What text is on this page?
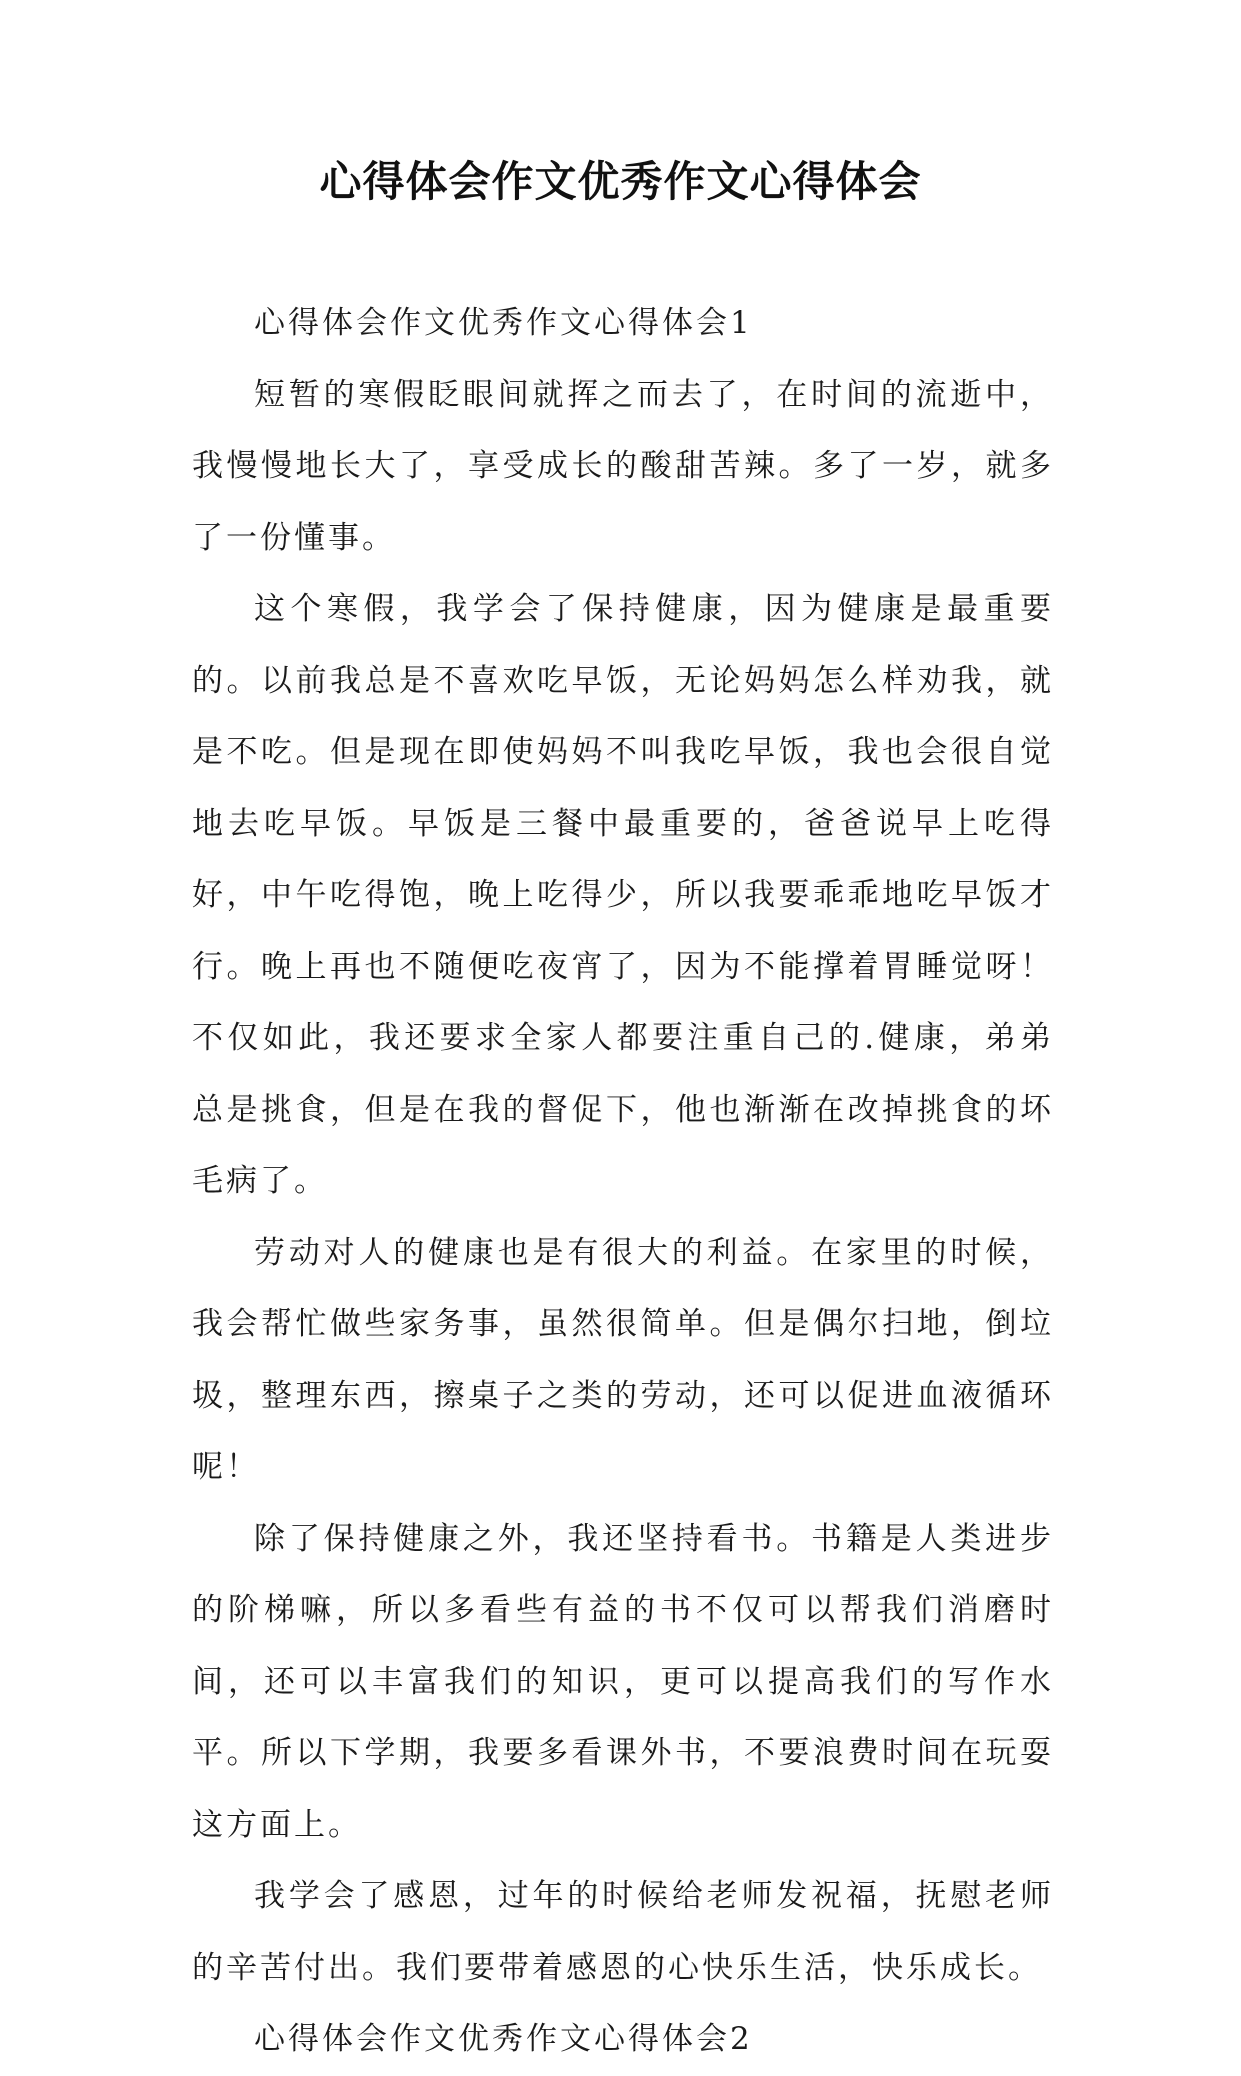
心得体会作文优秀作文心得体会

心得体会作文优秀作文心得体会1

短暂的寒假眨眼间就挥之而去了，在时间的流逝中，我慢慢地长大了，享受成长的酸甜苦辣。多了一岁，就多了一份懂事。

这个寒假，我学会了保持健康，因为健康是最重要的。以前我总是不喜欢吃早饭，无论妈妈怎么样劝我，就是不吃。但是现在即使妈妈不叫我吃早饭，我也会很自觉地去吃早饭。早饭是三餐中最重要的，爸爸说早上吃得好，中午吃得饱，晚上吃得少，所以我要乖乖地吃早饭才行。晚上再也不随便吃夜宵了，因为不能撑着胃睡觉呀！不仅如此，我还要求全家人都要注重自己的.健康，弟弟总是挑食，但是在我的督促下，他也渐渐在改掉挑食的坏毛病了。

劳动对人的健康也是有很大的利益。在家里的时候，我会帮忙做些家务事，虽然很简单。但是偶尔扫地，倒垃圾，整理东西，擦桌子之类的劳动，还可以促进血液循环呢！

除了保持健康之外，我还坚持看书。书籍是人类进步的阶梯嘛，所以多看些有益的书不仅可以帮我们消磨时间，还可以丰富我们的知识，更可以提高我们的写作水平。所以下学期，我要多看课外书，不要浪费时间在玩耍这方面上。

我学会了感恩，过年的时候给老师发祝福，抚慰老师的辛苦付出。我们要带着感恩的心快乐生活，快乐成长。

心得体会作文优秀作文心得体会2
